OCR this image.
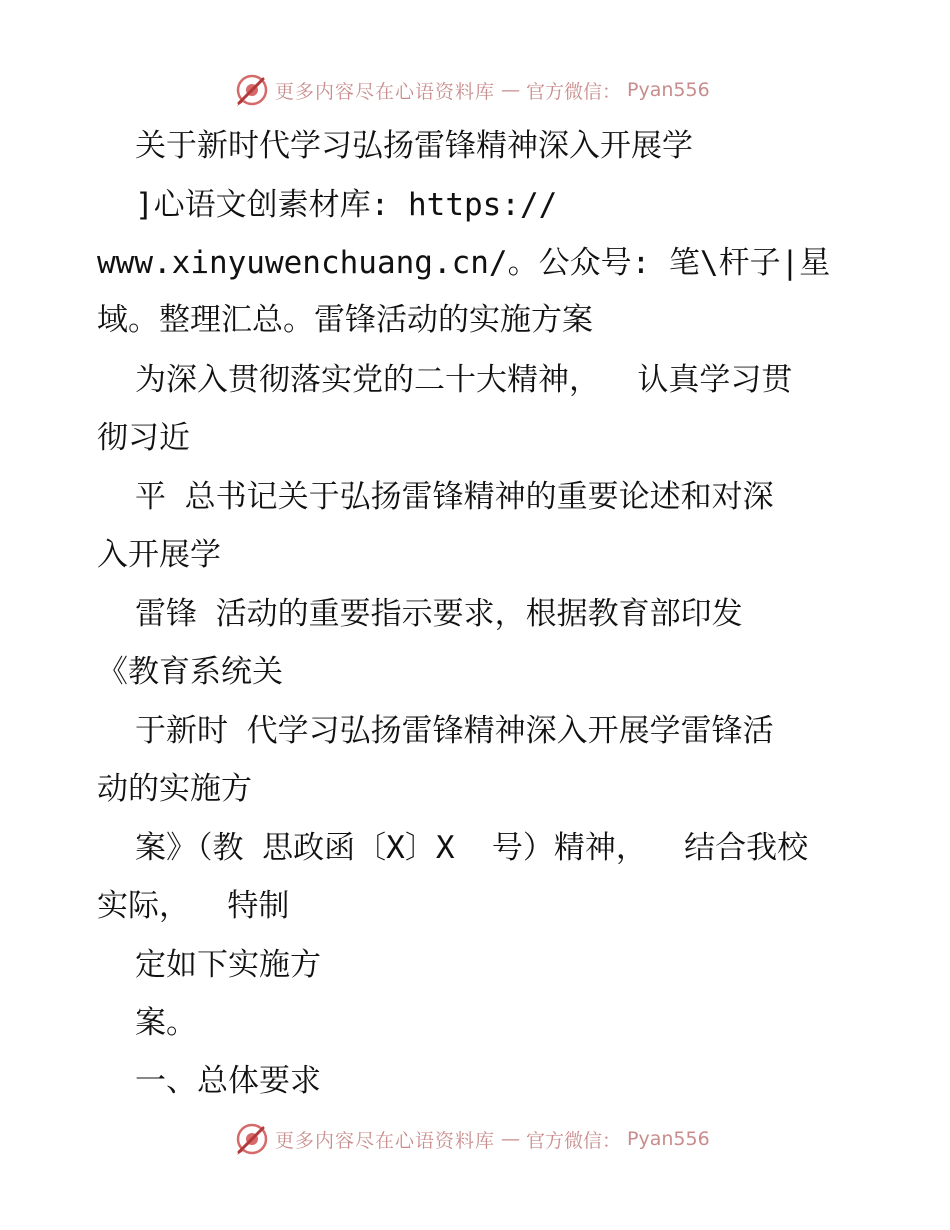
更多内容尽在心语资料库 — 官方微信： Pyan556

关于新时代学习弘扬雷锋精神深入开展学

]心语文创素材库: https://

www.xinyuwenchuang.cn/。公众号: 笔\杆子|星

域。整理汇总。雷锋活动的实施方案

为深入贯彻落实党的二十大精神，  认真学习贯

彻习近

平 总书记关于弘扬雷锋精神的重要论述和对深

入开展学

雷锋 活动的重要指示要求，根据教育部印发

《教育系统关

于新时 代学习弘扬雷锋精神深入开展学雷锋活

动的实施方

案》（教 思政函〔X〕X  号）精神，  结合我校

实际，  特制

定如下实施方

案。

一、总体要求

更多内容尽在心语资料库 — 官方微信： Pyan556
